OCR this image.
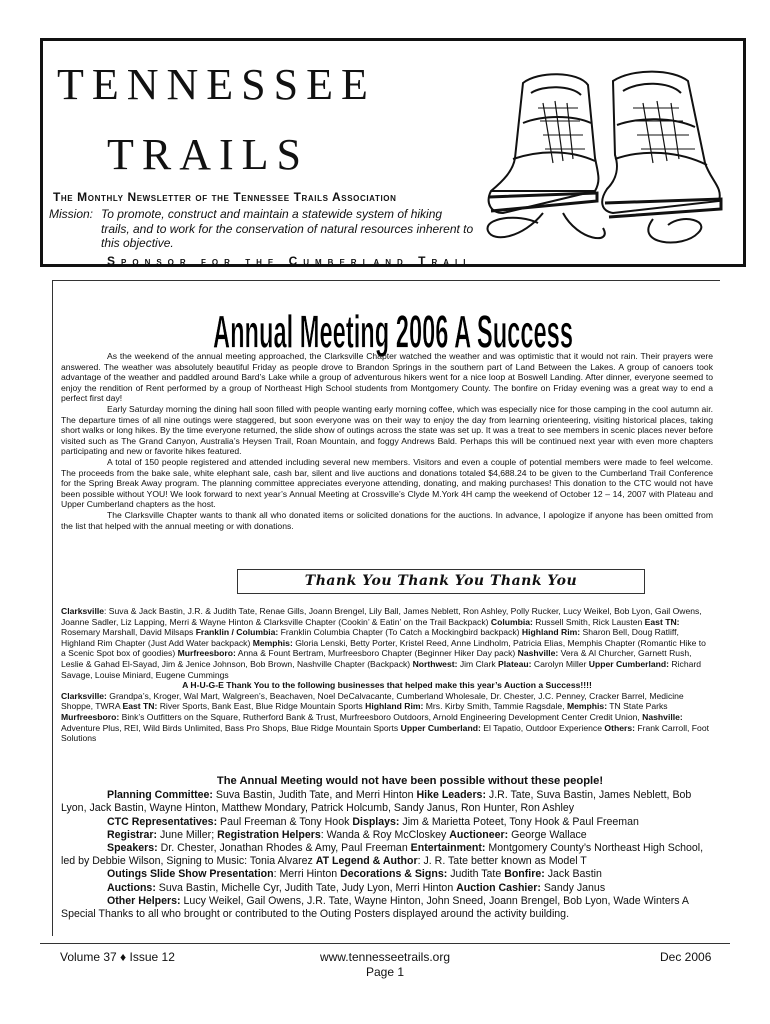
TENNESSEE
TRAILS
The Monthly Newsletter of the Tennessee Trails Association
Mission: To promote, construct and maintain a statewide system of hiking
trails, and to work for the conservation of natural resources inherent to this objective.
Sponsor for the Cumberland Trail
Annual Meeting 2006 A Success

As the weekend of the annual meeting approached, the Clarksville Chapter watched the weather and was optimistic that it would not rain. Their prayers were answered. The weather was absolutely beautiful Friday as people drove to Brandon Springs in the southern part of Land Between the Lakes. A group of canoers took advantage of the weather and paddled around Bard’s Lake while a group of adventurous hikers went for a nice loop at Boswell Landing. After dinner, everyone seemed to enjoy the rendition of Rent performed by a group of Northeast High School students from Montgomery County. The bonfire on Friday evening was a great way to end a perfect first day!

Early Saturday morning the dining hall soon filled with people wanting early morning coffee, which was especially nice for those camping in the cool autumn air. The departure times of all nine outings were staggered, but soon everyone was on their way to enjoy the day from learning orienteering, visiting historical places, taking short walks or long hikes. By the time everyone returned, the slide show of outings across the state was set up. It was a treat to see members in scenic places never before visited such as The Grand Canyon, Australia’s Heysen Trail, Roan Mountain, and foggy Andrews Bald. Perhaps this will be continued next year with even more chapters participating and new or favorite hikes featured.

A total of 150 people registered and attended including several new members. Visitors and even a couple of potential members were made to feel welcome. The proceeds from the bake sale, white elephant sale, cash bar, silent and live auctions and donations totaled $4,688.24 to be given to the Cumberland Trail Conference for the Spring Break Away program. The planning committee appreciates everyone attending, donating, and making purchases! This donation to the CTC would not have been possible without YOU! We look forward to next year’s Annual Meeting at Crossville’s Clyde M.York 4H camp the weekend of October 12 – 14, 2007 with Plateau and Upper Cumberland chapters as the host.

The Clarksville Chapter wants to thank all who donated items or solicited donations for the auctions. In advance, I apologize if anyone has been omitted from the list that helped with the annual meeting or with donations.

Thank You Thank You Thank You

Clarksville: Suva & Jack Bastin, J.R. & Judith Tate, Renae Gills, Joann Brengel, Lily Ball, James Neblett, Ron Ashley, Polly Rucker, Lucy Weikel, Bob Lyon, Gail Owens, Joanne Sadler, Liz Lapping, Merri & Wayne Hinton & Clarksville Chapter (Cookin’ & Eatin’ on the Trail Backpack) Columbia: Russell Smith, Rick Lausten East TN: Rosemary Marshall, David Milsaps Franklin / Columbia: Franklin Columbia Chapter (To Catch a Mockingbird backpack) Highland Rim: Sharon Bell, Doug Ratliff, Highland Rim Chapter (Just Add Water backpack) Memphis: Gloria Lenski, Betty Porter, Kristel Reed, Anne Lindholm, Patricia Elias, Memphis Chapter (Romantic Hike to a Scenic Spot box of goodies) Murfreesboro: Anna & Fount Bertram, Murfreesboro Chapter (Beginner Hiker Day pack) Nashville: Vera & Al Churcher, Garnett Rush, Leslie & Gahad El-Sayad, Jim & Jenice Johnson, Bob Brown, Nashville Chapter (Backpack) Northwest: Jim Clark Plateau: Carolyn Miller Upper Cumberland: Richard Savage, Louise Miniard, Eugene Cummings

A H-U-G-E Thank You to the following businesses that helped make this year’s Auction a Success!!!!

Clarksville: Grandpa’s, Kroger, Wal Mart, Walgreen’s, Beachaven, Noel DeCalvacante, Cumberland Wholesale, Dr. Chester, J.C. Penney, Cracker Barrel, Medicine Shoppe, TWRA East TN: River Sports, Bank East, Blue Ridge Mountain Sports Highland Rim: Mrs. Kirby Smith, Tammie Ragsdale, Memphis: TN State Parks Murfreesboro: Bink’s Outfitters on the Square, Rutherford Bank & Trust, Murfreesboro Outdoors, Arnold Engineering Development Center Credit Union, Nashville: Adventure Plus, REI, Wild Birds Unlimited, Bass Pro Shops, Blue Ridge Mountain Sports Upper Cumberland: El Tapatio, Outdoor Experience Others: Frank Carroll, Foot Solutions

The Annual Meeting would not have been possible without these people!

Planning Committee: Suva Bastin, Judith Tate, and Merri Hinton Hike Leaders: J.R. Tate, Suva Bastin, James Neblett, Bob Lyon, Jack Bastin, Wayne Hinton, Matthew Mondary, Patrick Holcumb, Sandy Janus, Ron Hunter, Ron Ashley

CTC Representatives: Paul Freeman & Tony Hook Displays: Jim & Marietta Poteet, Tony Hook & Paul Freeman

Registrar: June Miller; Registration Helpers: Wanda & Roy McCloskey Auctioneer: George Wallace

Speakers: Dr. Chester, Jonathan Rhodes & Amy, Paul Freeman Entertainment: Montgomery County’s Northeast High School, led by Debbie Wilson, Signing to Music: Tonia Alvarez AT Legend & Author: J. R. Tate better known as Model T

Outings Slide Show Presentation: Merri Hinton Decorations & Signs: Judith Tate Bonfire: Jack Bastin

Auctions: Suva Bastin, Michelle Cyr, Judith Tate, Judy Lyon, Merri Hinton Auction Cashier: Sandy Janus

Other Helpers: Lucy Weikel, Gail Owens, J.R. Tate, Wayne Hinton, John Sneed, Joann Brengel, Bob Lyon, Wade Winters A Special Thanks to all who brought or contributed to the Outing Posters displayed around the activity building.

Volume 37 ♦ Issue 12	www.tennesseetrails.org
Page 1
Dec 2006
